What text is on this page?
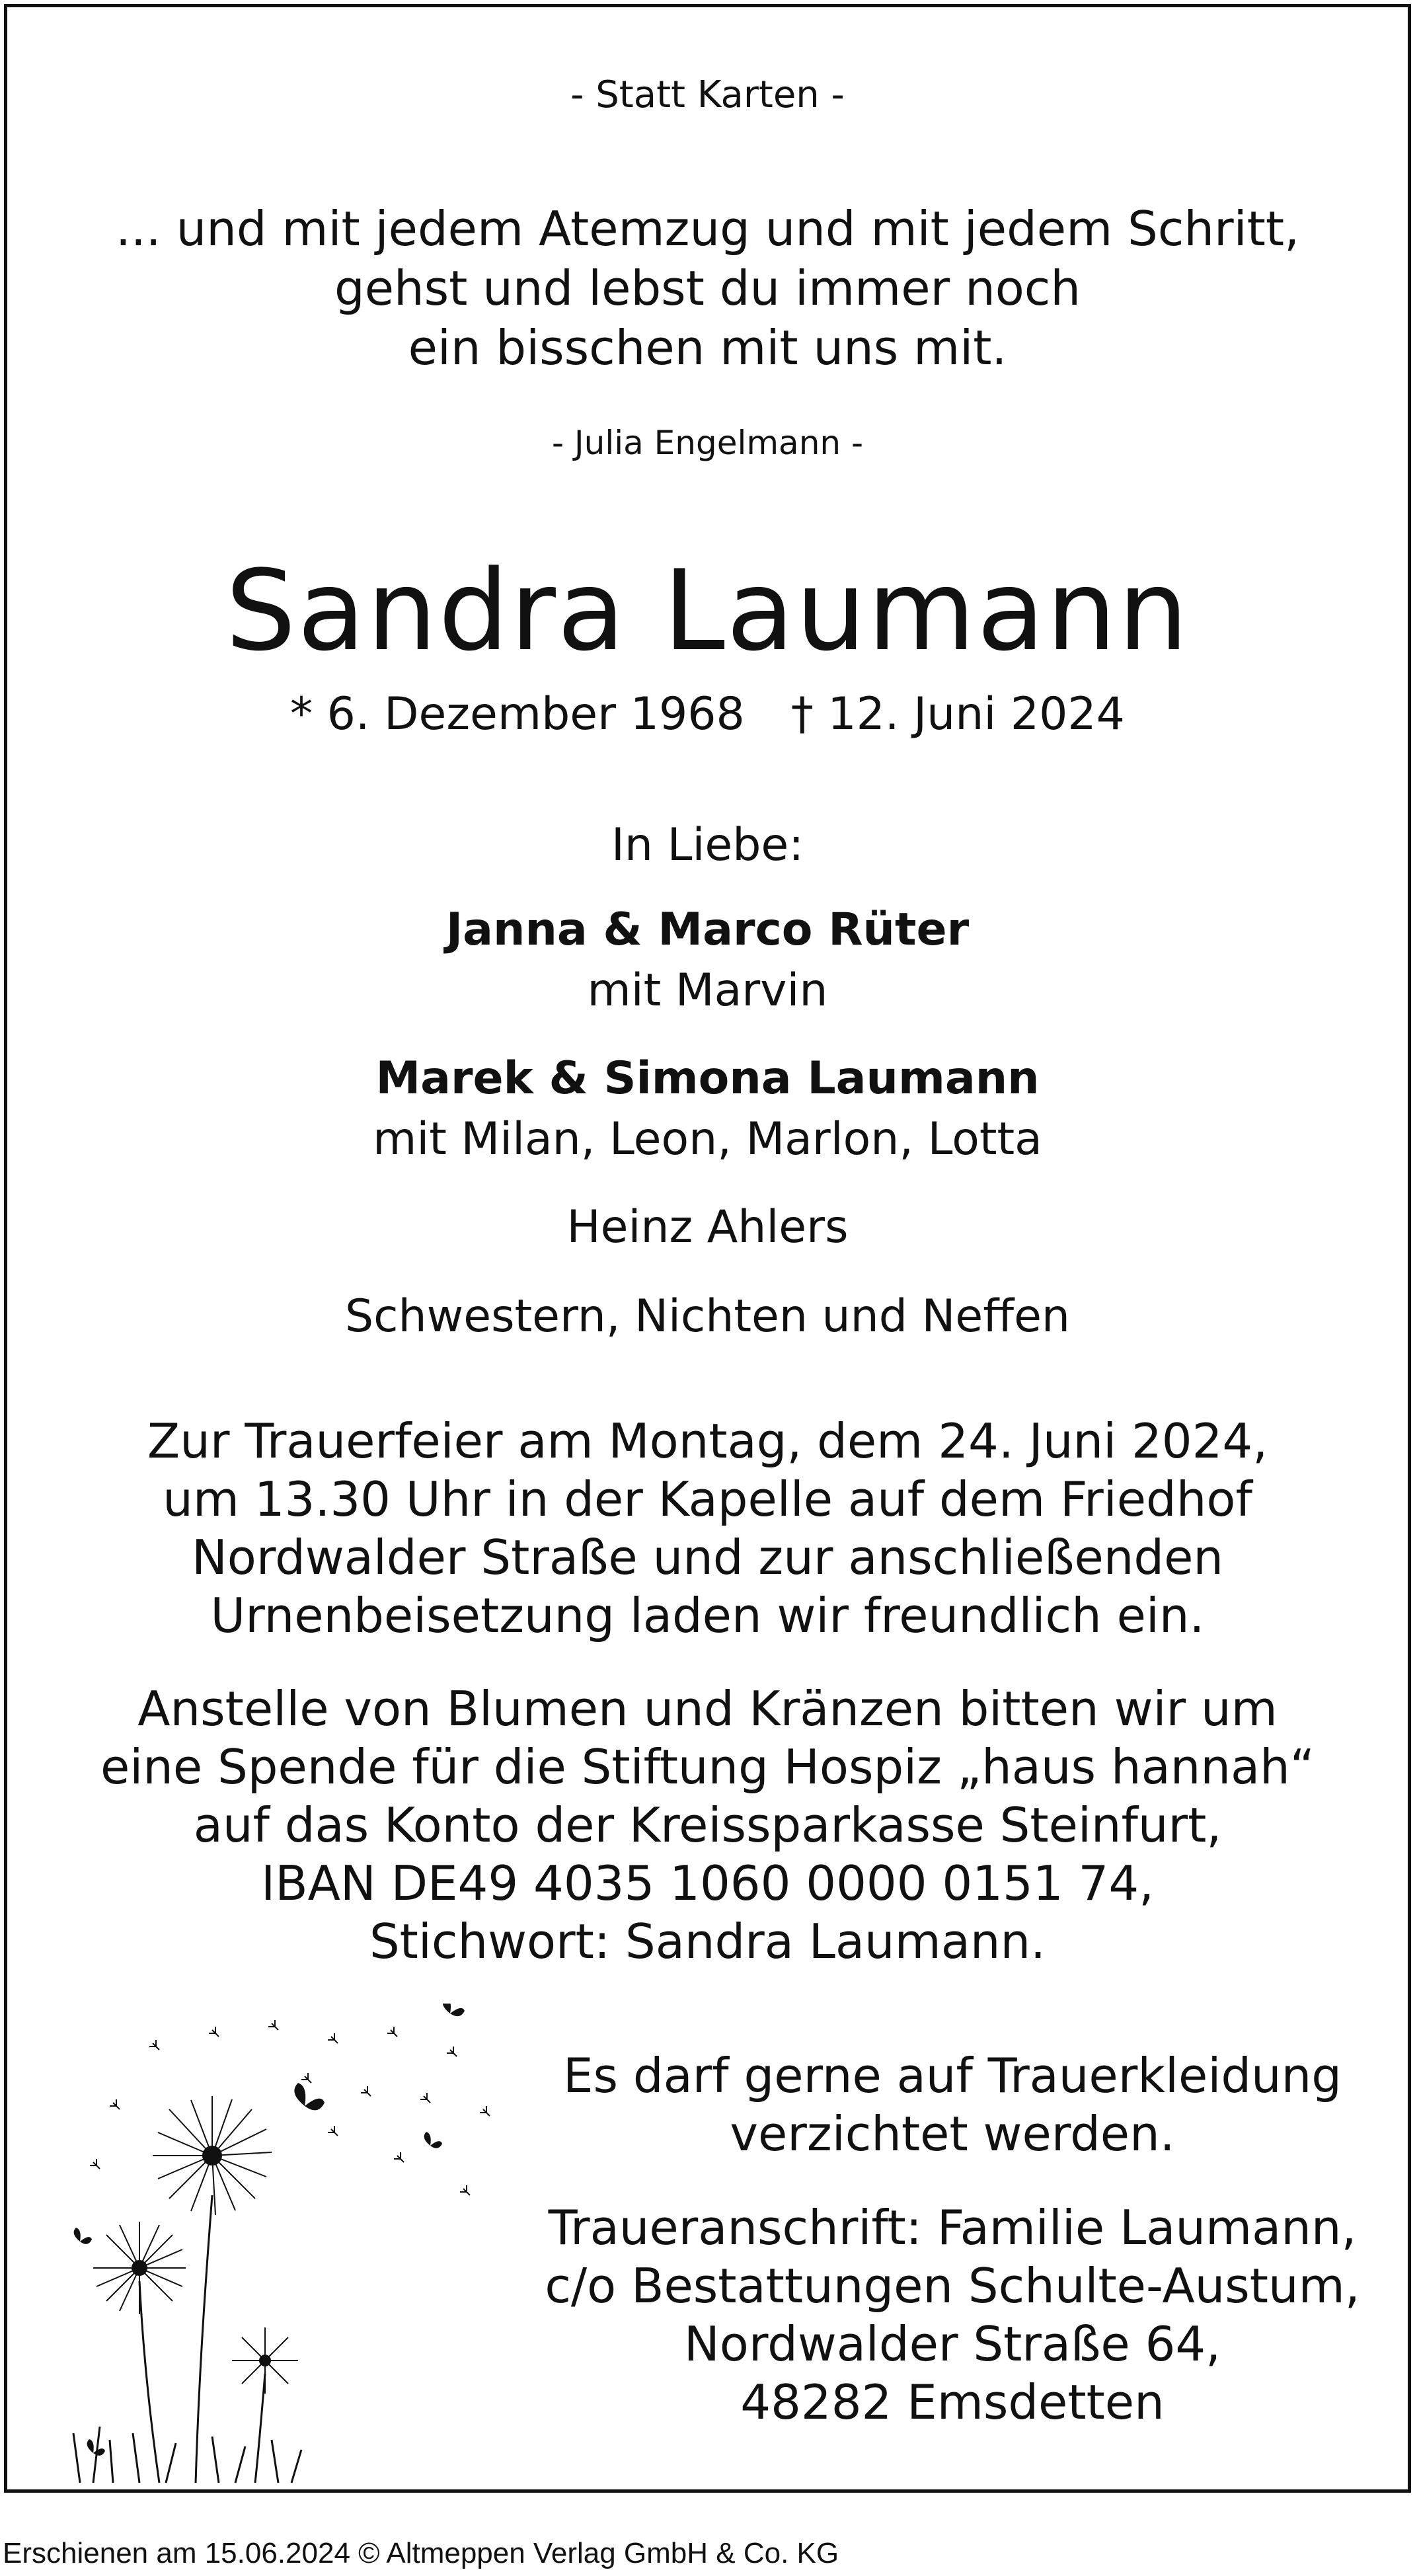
- Statt Karten -
... und mit jedem Atemzug und mit jedem Schritt,
gehst und lebst du immer noch
ein bisschen mit uns mit.
- Julia Engelmann -
Sandra Laumann
* 6. Dezember 1968 † 12. Juni 2024
In Liebe:
Janna & Marco Rüter
mit Marvin
Marek & Simona Laumann
mit Milan, Leon, Marlon, Lotta
Heinz Ahlers
Schwestern, Nichten und Neffen
Zur Trauerfeier am Montag, dem 24. Juni 2024,
um 13.30 Uhr in der Kapelle auf dem Friedhof
Nordwalder Straße und zur anschließenden
Urnenbeisetzung laden wir freundlich ein.
Anstelle von Blumen und Kränzen bitten wir um
eine Spende für die Stiftung Hospiz „haus hannah“
auf das Konto der Kreissparkasse Steinfurt,
IBAN DE49 4035 1060 0000 0151 74,
Stichwort: Sandra Laumann.
Es darf gerne auf Trauerkleidung
verzichtet werden.
Traueranschrift: Familie Laumann,
c/o Bestattungen Schulte-Austum,
Nordwalder Straße 64,
48282 Emsdetten
Erschienen am 15.06.2024 © Altmeppen Verlag GmbH & Co. KG
